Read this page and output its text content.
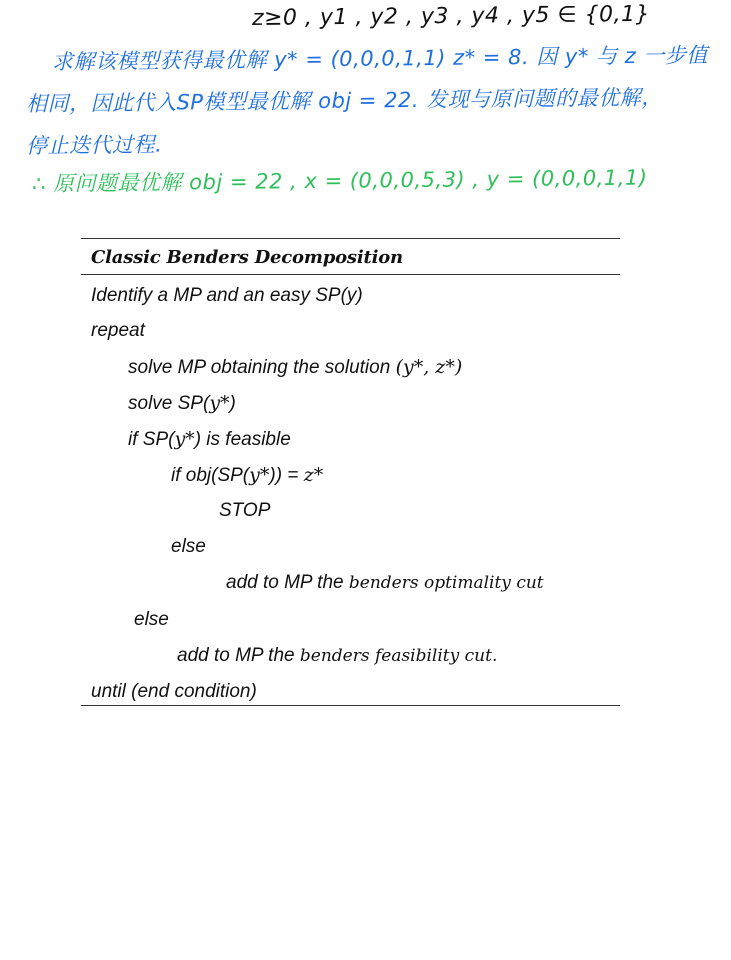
z≥0 , y1 , y2 , y3 , y4 , y5 ∈ {0,1}
求解该模型获得最优解 y* = (0,0,0,1,1) z* = 8. 因 y* 与 z 一步值
相同，因此代入SP模型最优解 obj = 22. 发现与原问题的最优解，
停止迭代过程.
∴ 原问题最优解 obj = 22 , x = (0,0,0,5,3) , y = (0,0,0,1,1)
Classic Benders Decomposition
Identify a MP and an easy SP(y)
repeat
solve MP obtaining the solution (y*, z*)
solve SP(y*)
if SP(y*) is feasible
if obj(SP(y*)) = z*
STOP
else
add to MP the benders optimality cut
else
add to MP the benders feasibility cut.
until (end condition)
